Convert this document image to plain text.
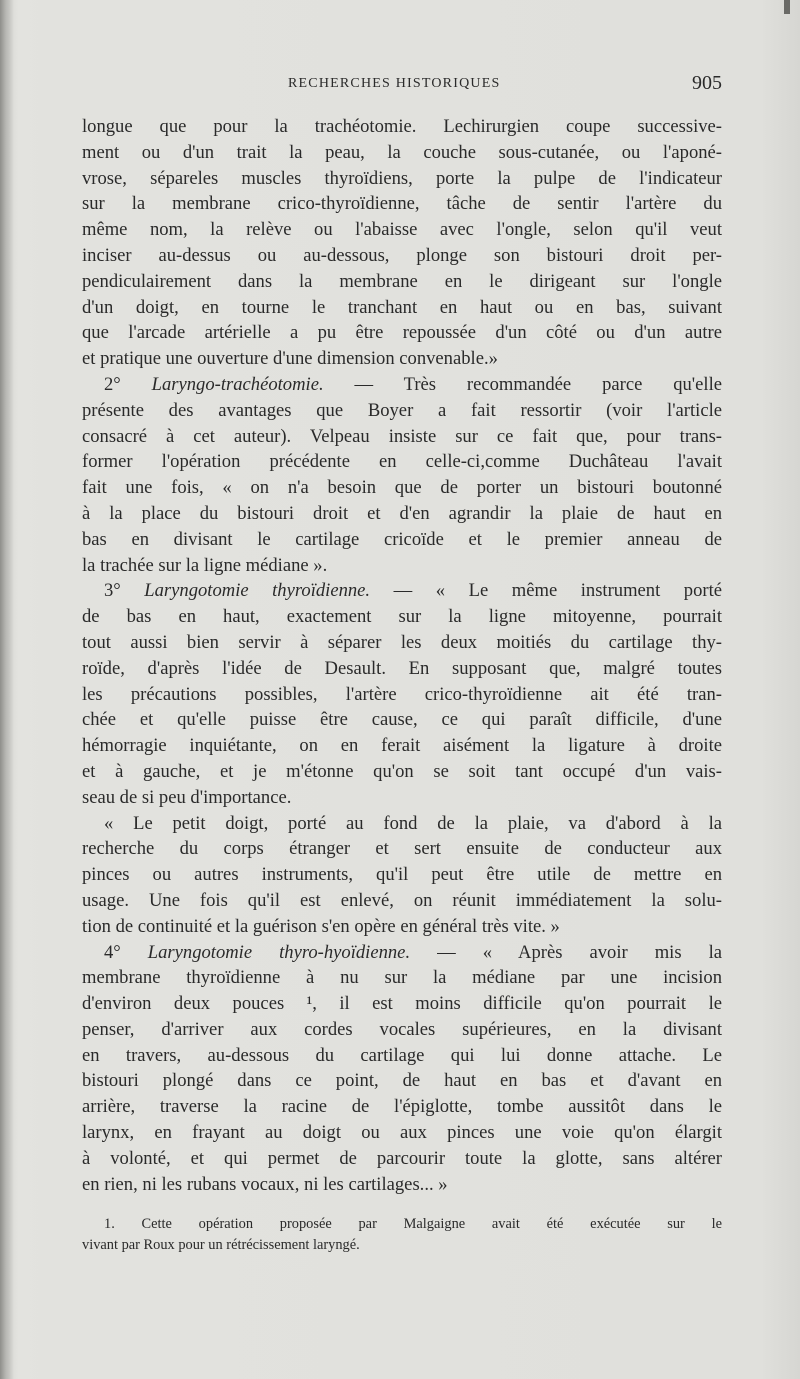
RECHERCHES HISTORIQUES	905
longue que pour la trachéotomie. Lechirurgien coupe successive-
ment ou d'un trait la peau, la couche sous-cutanée, ou l'aponé-
vrose, sépareles muscles thyroïdiens, porte la pulpe de l'indicateur
sur la membrane crico-thyroïdienne, tâche de sentir l'artère du
même nom, la relève ou l'abaisse avec l'ongle, selon qu'il veut
inciser au-dessus ou au-dessous, plonge son bistouri droit per-
pendiculairement dans la membrane en le dirigeant sur l'ongle
d'un doigt, en tourne le tranchant en haut ou en bas, suivant
que l'arcade artérielle a pu être repoussée d'un côté ou d'un autre
et pratique une ouverture d'une dimension convenable.»
2° Laryngo-trachéotomie. — Très recommandée parce qu'elle
présente des avantages que Boyer a fait ressortir (voir l'article
consacré à cet auteur). Velpeau insiste sur ce fait que, pour trans-
former l'opération précédente en celle-ci,comme Duchâteau l'avait
fait une fois, « on n'a besoin que de porter un bistouri boutonné
à la place du bistouri droit et d'en agrandir la plaie de haut en
bas en divisant le cartilage cricoïde et le premier anneau de
la trachée sur la ligne médiane ».
3° Laryngotomie thyroïdienne. — « Le même instrument porté
de bas en haut, exactement sur la ligne mitoyenne, pourrait
tout aussi bien servir à séparer les deux moitiés du cartilage thy-
roïde, d'après l'idée de Desault. En supposant que, malgré toutes
les précautions possibles, l'artère crico-thyroïdienne ait été tran-
chée et qu'elle puisse être cause, ce qui paraît difficile, d'une
hémorragie inquiétante, on en ferait aisément la ligature à droite
et à gauche, et je m'étonne qu'on se soit tant occupé d'un vais-
seau de si peu d'importance.
« Le petit doigt, porté au fond de la plaie, va d'abord à la
recherche du corps étranger et sert ensuite de conducteur aux
pinces ou autres instruments, qu'il peut être utile de mettre en
usage. Une fois qu'il est enlevé, on réunit immédiatement la solu-
tion de continuité et la guérison s'en opère en général très vite. »
4° Laryngotomie thyro-hyoïdienne. — « Après avoir mis la
membrane thyroïdienne à nu sur la médiane par une incision
d'environ deux pouces ¹, il est moins difficile qu'on pourrait le
penser, d'arriver aux cordes vocales supérieures, en la divisant
en travers, au-dessous du cartilage qui lui donne attache. Le
bistouri plongé dans ce point, de haut en bas et d'avant en
arrière, traverse la racine de l'épiglotte, tombe aussitôt dans le
larynx, en frayant au doigt ou aux pinces une voie qu'on élargit
à volonté, et qui permet de parcourir toute la glotte, sans altérer
en rien, ni les rubans vocaux, ni les cartilages... »
1. Cette opération proposée par Malgaigne avait été exécutée sur le
vivant par Roux pour un rétrécissement laryngé.
